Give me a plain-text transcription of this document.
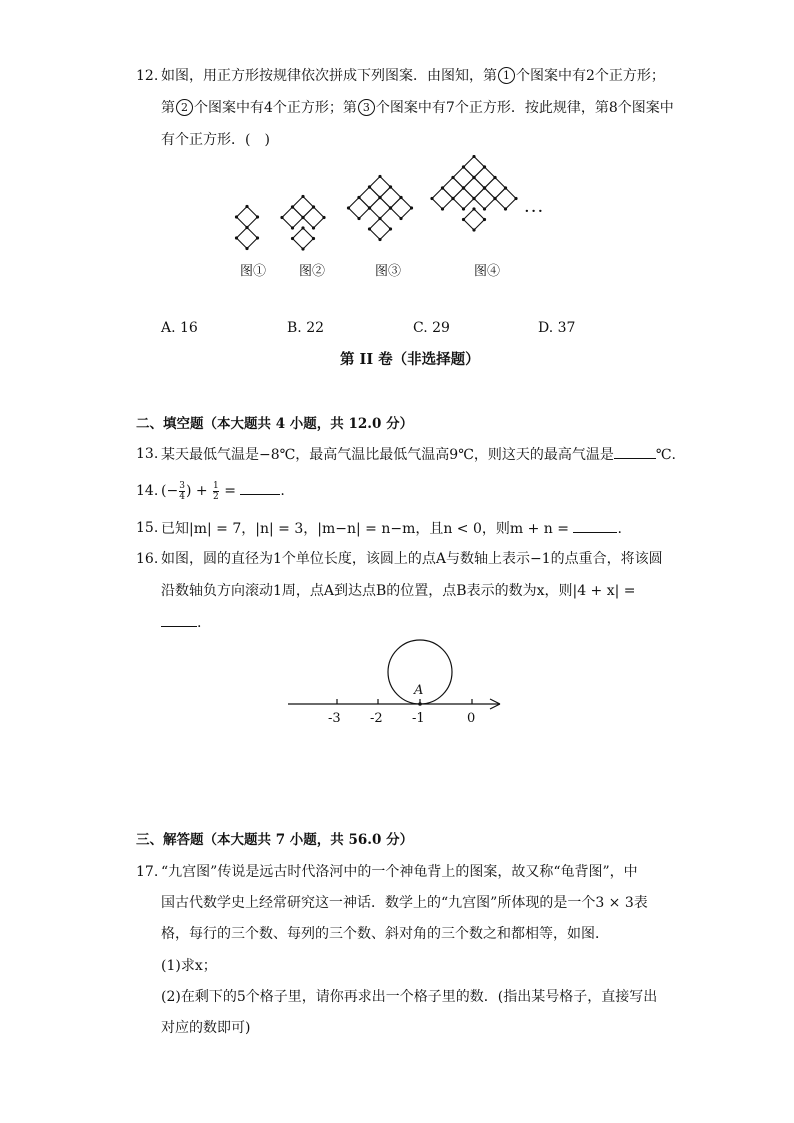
12. 如图，用正方形按规律依次拼成下列图案．由图知，第 1 个图案中有2个正方形；
第 2 个图案中有4个正方形；第 3 个图案中有7个正方形．按此规律，第8个图案中
有个正方形．(　)
图①	图②	图③	图④
···
A. 16	B. 22	C. 29	D. 37
第 II 卷（非选择题）
二、填空题（本大题共 4 小题，共 12.0 分）
13. 某天最低气温是−8℃，最高气温比最低气温高9℃，则这天的最高气温是	℃.
14. (− $\frac{3}{4}$ ) + $\frac{1}{2}$ =	.
15. 已知|m| = 7，|n| = 3，|m−n| = n−m，且n < 0，则m + n =	.
16. 如图，圆的直径为1个单位长度，该圆上的点A与数轴上表示−1的点重合，将该圆
沿数轴负方向滚动1周，点A到达点B的位置，点B表示的数为x，则|4 + x| =
.
A
-3 -2 -1	0
三、解答题（本大题共 7 小题，共 56.0 分）
17. “九宫图”传说是远古时代洛河中的一个神龟背上的图案，故又称“龟背图”，中
国古代数学史上经常研究这一神话．数学上的“九宫图”所体现的是一个3 × 3表
格，每行的三个数、每列的三个数、斜对角的三个数之和都相等，如图．
(1)求x；
(2)在剩下的5个格子里，请你再求出一个格子里的数．(指出某号格子，直接写出
对应的数即可)
